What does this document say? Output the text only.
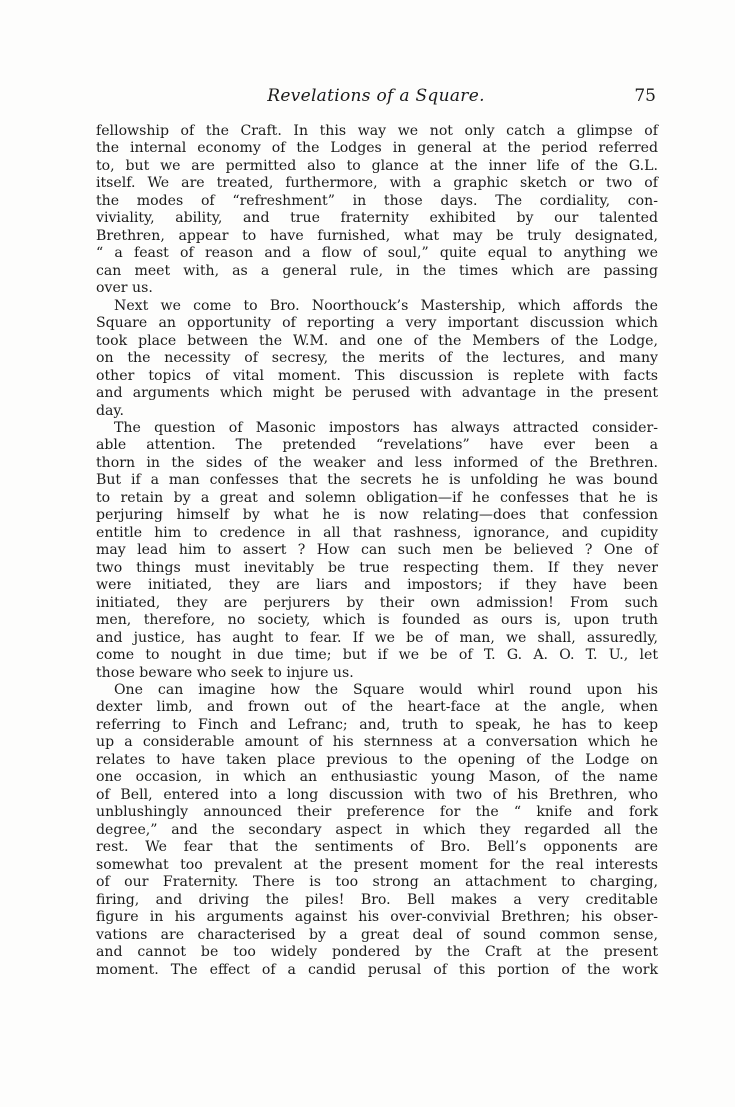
Revelations of a Square.	75

fellowship of the Craft. In this way we not only catch a glimpse of
the internal economy of the Lodges in general at the period referred
to, but we are permitted also to glance at the inner life of the G.L.
itself. We are treated, furthermore, with a graphic sketch or two of
the modes of “refreshment” in those days. The cordiality, con-
viviality, ability, and true fraternity exhibited by our talented
Brethren, appear to have furnished, what may be truly designated,
“ a feast of reason and a flow of soul,” quite equal to anything we
can meet with, as a general rule, in the times which are passing
over us.

Next we come to Bro. Noorthouck’s Mastership, which affords the
Square an opportunity of reporting a very important discussion which
took place between the W.M. and one of the Members of the Lodge,
on the necessity of secresy, the merits of the lectures, and many
other topics of vital moment. This discussion is replete with facts
and arguments which might be perused with advantage in the present
day.

The question of Masonic impostors has always attracted consider-
able attention. The pretended “revelations” have ever been a
thorn in the sides of the weaker and less informed of the Brethren.
But if a man confesses that the secrets he is unfolding he was bound
to retain by a great and solemn obligation—if he confesses that he is
perjuring himself by what he is now relating—does that confession
entitle him to credence in all that rashness, ignorance, and cupidity
may lead him to assert ? How can such men be believed ? One of
two things must inevitably be true respecting them. If they never
were initiated, they are liars and impostors; if they have been
initiated, they are perjurers by their own admission! From such
men, therefore, no society, which is founded as ours is, upon truth
and justice, has aught to fear. If we be of man, we shall, assuredly,
come to nought in due time; but if we be of T. G. A. O. T. U., let
those beware who seek to injure us.

One can imagine how the Square would whirl round upon his
dexter limb, and frown out of the heart-face at the angle, when
referring to Finch and Lefranc; and, truth to speak, he has to keep
up a considerable amount of his sternness at a conversation which he
relates to have taken place previous to the opening of the Lodge on
one occasion, in which an enthusiastic young Mason, of the name
of Bell, entered into a long discussion with two of his Brethren, who
unblushingly announced their preference for the “ knife and fork
degree,” and the secondary aspect in which they regarded all the
rest. We fear that the sentiments of Bro. Bell’s opponents are
somewhat too prevalent at the present moment for the real interests
of our Fraternity. There is too strong an attachment to charging,
firing, and driving the piles! Bro. Bell makes a very creditable
figure in his arguments against his over-convivial Brethren; his obser-
vations are characterised by a great deal of sound common sense,
and cannot be too widely pondered by the Craft at the present
moment. The effect of a candid perusal of this portion of the work
